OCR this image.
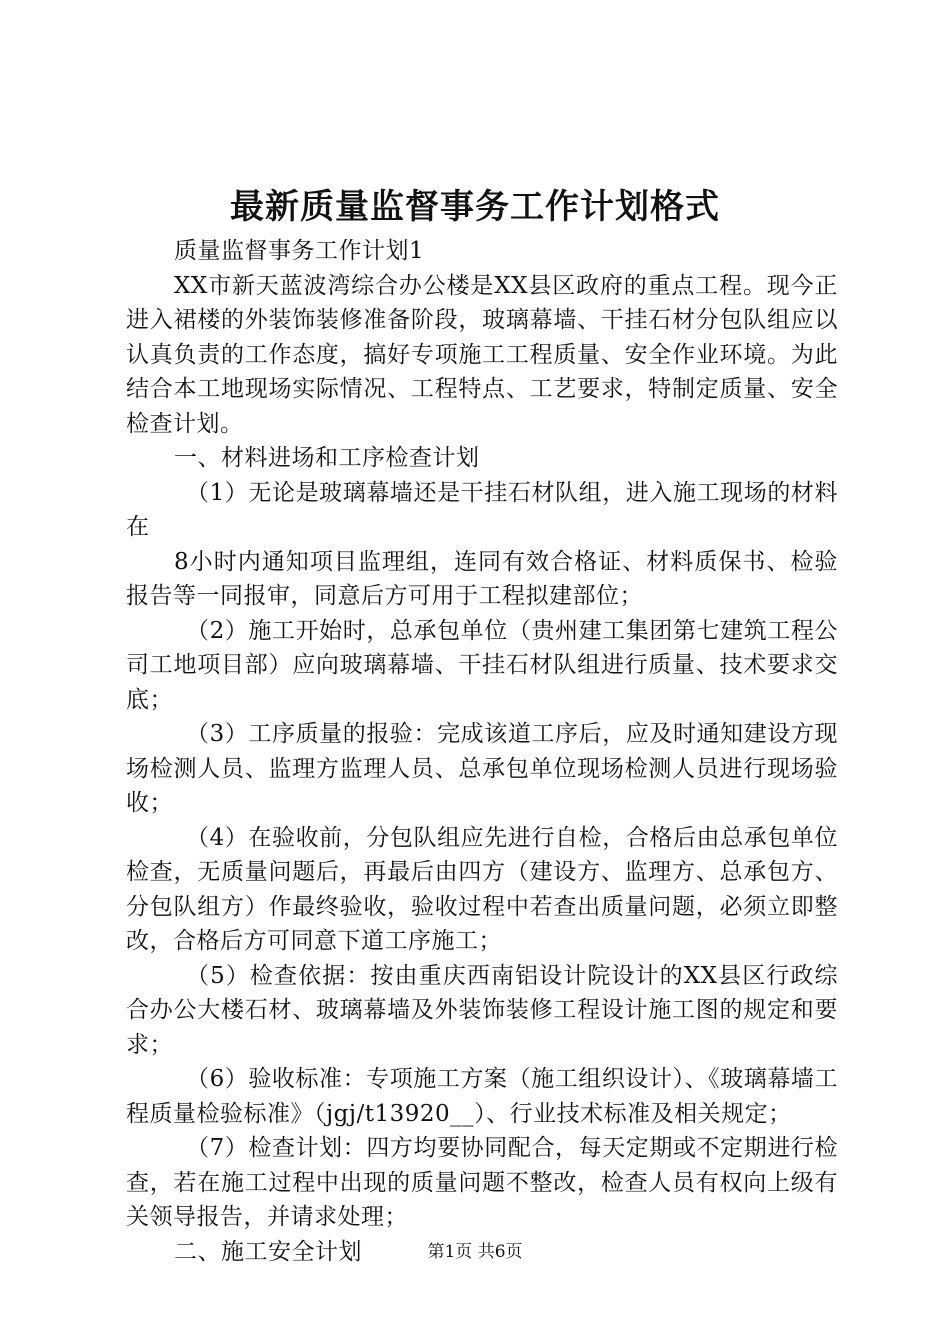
最新质量监督事务工作计划格式

质量监督事务工作计划1

XX市新天蓝波湾综合办公楼是XX县区政府的重点工程。现今正进入裙楼的外装饰装修准备阶段，玻璃幕墙、干挂石材分包队组应以认真负责的工作态度，搞好专项施工工程质量、安全作业环境。为此结合本工地现场实际情况、工程特点、工艺要求，特制定质量、安全检查计划。

一、材料进场和工序检查计划

（1）无论是玻璃幕墙还是干挂石材队组，进入施工现场的材料在

8小时内通知项目监理组，连同有效合格证、材料质保书、检验报告等一同报审，同意后方可用于工程拟建部位；

（2）施工开始时，总承包单位（贵州建工集团第七建筑工程公司工地项目部）应向玻璃幕墙、干挂石材队组进行质量、技术要求交底；

（3）工序质量的报验：完成该道工序后，应及时通知建设方现场检测人员、监理方监理人员、总承包单位现场检测人员进行现场验收；

（4）在验收前，分包队组应先进行自检，合格后由总承包单位检查，无质量问题后，再最后由四方（建设方、监理方、总承包方、分包队组方）作最终验收，验收过程中若查出质量问题，必须立即整改，合格后方可同意下道工序施工；

（5）检查依据：按由重庆西南铝设计院设计的XX县区行政综合办公大楼石材、玻璃幕墙及外装饰装修工程设计施工图的规定和要求；

（6）验收标准：专项施工方案（施工组织设计）、《玻璃幕墙工程质量检验标准》（jgj/t13920__）、行业技术标准及相关规定；

（7）检查计划：四方均要协同配合，每天定期或不定期进行检查，若在施工过程中出现的质量问题不整改，检查人员有权向上级有关领导报告，并请求处理；

二、施工安全计划	第1页 共6页
